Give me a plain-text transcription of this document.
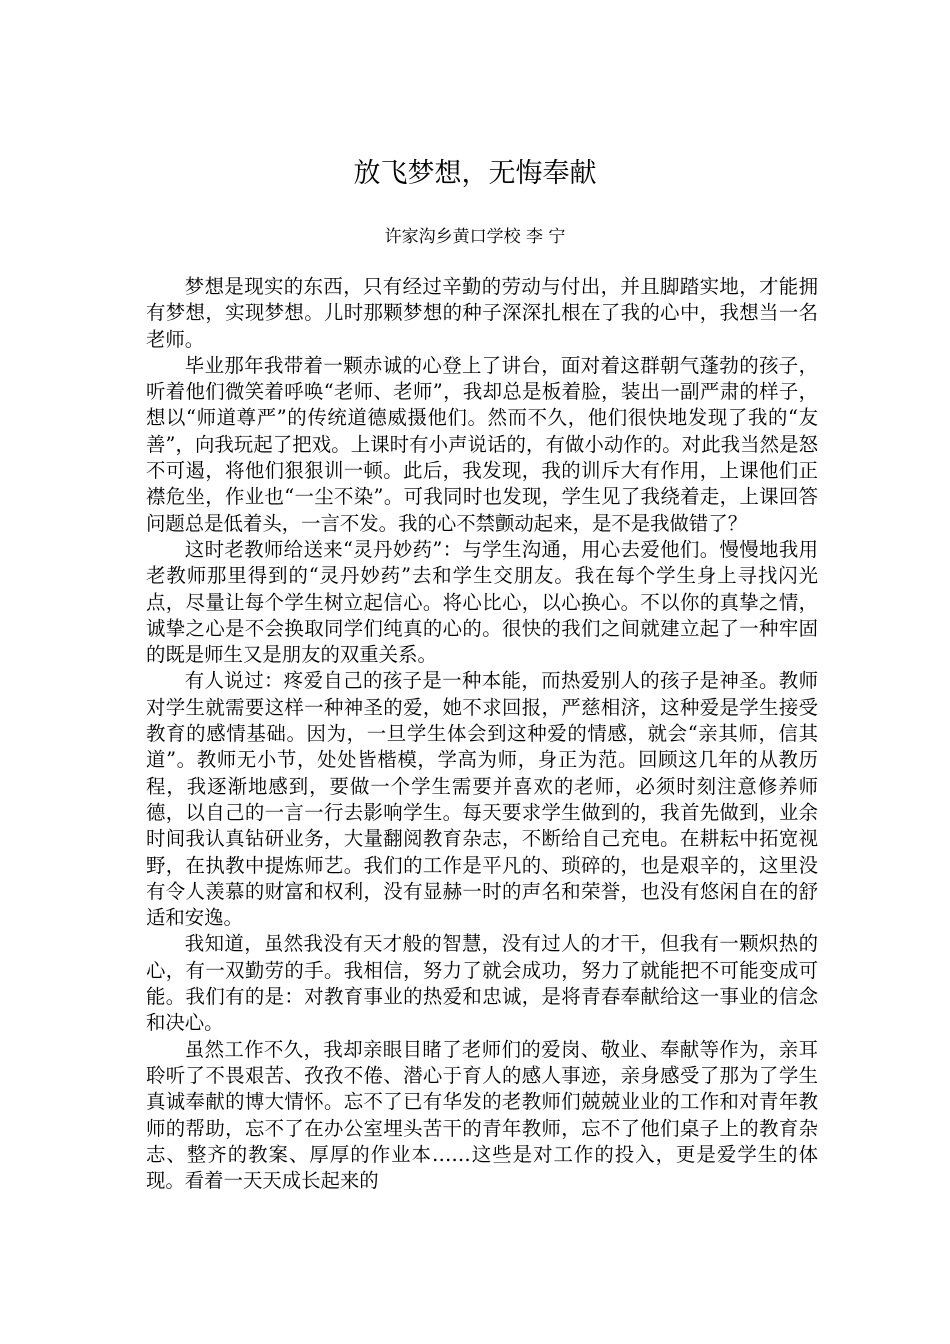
放飞梦想，无悔奉献

许家沟乡黄口学校 李 宁

梦想是现实的东西，只有经过辛勤的劳动与付出，并且脚踏实地，才能拥有梦想，实现梦想。儿时那颗梦想的种子深深扎根在了我的心中，我想当一名老师。

毕业那年我带着一颗赤诚的心登上了讲台，面对着这群朝气蓬勃的孩子，听着他们微笑着呼唤“老师、老师”，我却总是板着脸，装出一副严肃的样子，想以“师道尊严”的传统道德威摄他们。然而不久，他们很快地发现了我的“友善”，向我玩起了把戏。上课时有小声说话的，有做小动作的。对此我当然是怒不可遏，将他们狠狠训一顿。此后，我发现，我的训斥大有作用，上课他们正襟危坐，作业也“一尘不染”。可我同时也发现，学生见了我绕着走，上课回答问题总是低着头，一言不发。我的心不禁颤动起来，是不是我做错了？

这时老教师给送来“灵丹妙药”：与学生沟通，用心去爱他们。慢慢地我用老教师那里得到的“灵丹妙药”去和学生交朋友。我在每个学生身上寻找闪光点，尽量让每个学生树立起信心。将心比心，以心换心。不以你的真挚之情，诚挚之心是不会换取同学们纯真的心的。很快的我们之间就建立起了一种牢固的既是师生又是朋友的双重关系。

有人说过：疼爱自己的孩子是一种本能，而热爱别人的孩子是神圣。教师对学生就需要这样一种神圣的爱，她不求回报，严慈相济，这种爱是学生接受教育的感情基础。因为，一旦学生体会到这种爱的情感，就会“亲其师，信其道”。教师无小节，处处皆楷模，学高为师，身正为范。回顾这几年的从教历程，我逐渐地感到，要做一个学生需要并喜欢的老师，必须时刻注意修养师德，以自己的一言一行去影响学生。每天要求学生做到的，我首先做到，业余时间我认真钻研业务，大量翻阅教育杂志，不断给自己充电。在耕耘中拓宽视野，在执教中提炼师艺。我们的工作是平凡的、琐碎的，也是艰辛的，这里没有令人羡慕的财富和权利，没有显赫一时的声名和荣誉，也没有悠闲自在的舒适和安逸。

我知道，虽然我没有天才般的智慧，没有过人的才干，但我有一颗炽热的心，有一双勤劳的手。我相信，努力了就会成功，努力了就能把不可能变成可能。我们有的是：对教育事业的热爱和忠诚，是将青春奉献给这一事业的信念和决心。

虽然工作不久，我却亲眼目睹了老师们的爱岗、敬业、奉献等作为，亲耳聆听了不畏艰苦、孜孜不倦、潜心于育人的感人事迹，亲身感受了那为了学生真诚奉献的博大情怀。忘不了已有华发的老教师们兢兢业业的工作和对青年教师的帮助，忘不了在办公室埋头苦干的青年教师，忘不了他们桌子上的教育杂志、整齐的教案、厚厚的作业本……这些是对工作的投入，更是爱学生的体现。看着一天天成长起来的
